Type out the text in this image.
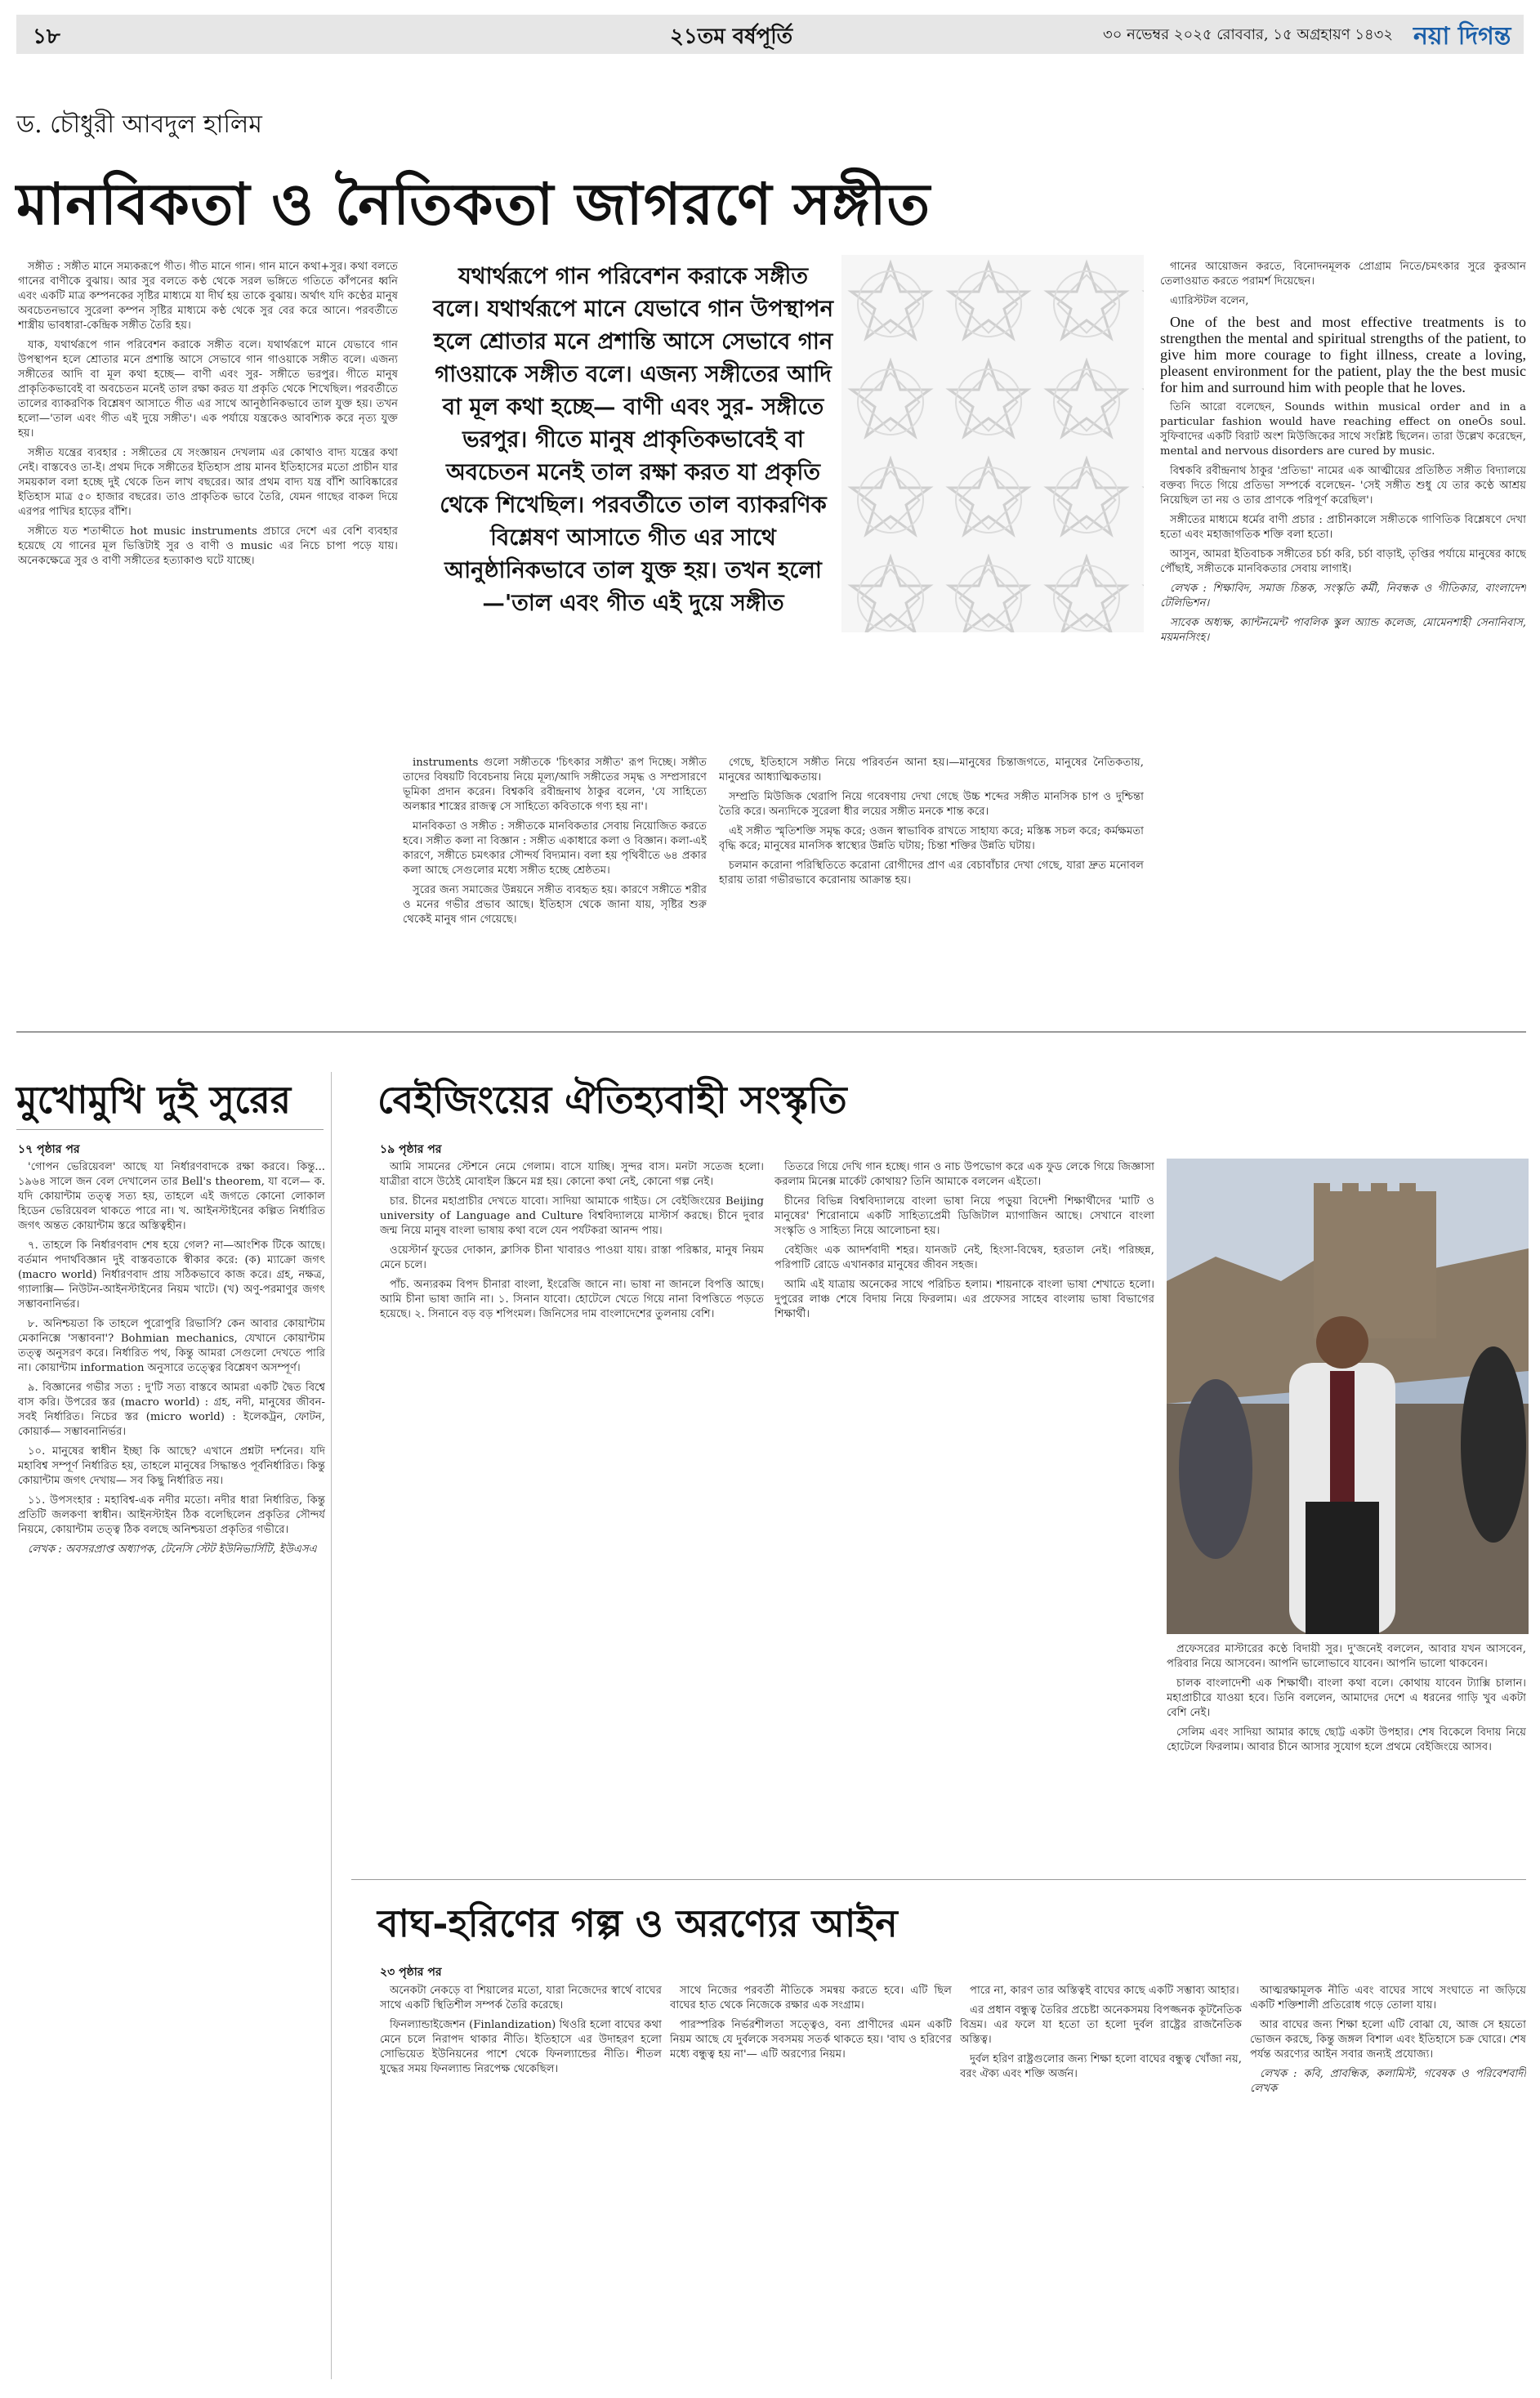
১৮	২১তম বর্ষপূর্তি	৩০ নভেম্বর ২০২৫ রোববার, ১৫ অগ্রহায়ণ ১৪৩২ নয়া দিগন্ত
ড. চৌধুরী আবদুল হালিম
মানবিকতা ও নৈতিকতা জাগরণে সঙ্গীত

সঙ্গীত : সঙ্গীত মানে সম্যকরূপে গীত। গীত মানে গান। গান মানে কথা+সুর। কথা বলতে গানের বাণীকে বুঝায়। আর সুর বলতে কণ্ঠ থেকে সরল ভঙ্গিতে গতিতে কাঁপনের ধ্বনি এবং একটি মাত্র কম্পনকের সৃষ্টির মাধ্যমে যা দীর্ঘ হয় তাকে বুঝায়। অর্থাৎ যদি কণ্ঠের মানুষ অবচেতনভাবে সুরেলা কম্পন সৃষ্টির মাধ্যমে কণ্ঠ থেকে সুর বের করে আনে। পরবর্তীতে শাস্ত্রীয় ভাবধারা-কেন্দ্রিক সঙ্গীত তৈরি হয়।

যাক, যথার্থরূপে গান পরিবেশন করাকে সঙ্গীত বলে। যথার্থরূপে মানে যেভাবে গান উপস্থাপন হলে শ্রোতার মনে প্রশান্তি আসে সেভাবে গান গাওয়াকে সঙ্গীত বলে। এজন্য সঙ্গীতের আদি বা মূল কথা হচ্ছে— বাণী এবং সুর- সঙ্গীতে ভরপুর। গীতে মানুষ প্রাকৃতিকভাবেই বা অবচেতন মনেই তাল রক্ষা করত যা প্রকৃতি থেকে শিখেছিল। পরবর্তীতে তালের ব্যাকরণিক বিশ্লেষণ আসাতে গীত এর সাথে আনুষ্ঠানিকভাবে তাল যুক্ত হয়। তখন হলো—'তাল এবং গীত এই দুয়ে সঙ্গীত'। এক পর্যায়ে যন্ত্রকেও আবশ্যিক করে নৃত্য যুক্ত হয়।

সঙ্গীত যন্ত্রের ব্যবহার : সঙ্গীতের যে সংজ্ঞায়ন দেখলাম এর কোথাও বাদ্য যন্ত্রের কথা নেই। বাস্তবেও তা-ই। প্রথম দিকে সঙ্গীতের ইতিহাস প্রায় মানব ইতিহাসের মতো প্রাচীন যার সময়কাল বলা হচ্ছে দুই থেকে তিন লাখ বছরের। আর প্রথম বাদ্য যন্ত্র বাঁশি আবিষ্কারের ইতিহাস মাত্র ৫০ হাজার বছরের। তাও প্রাকৃতিক ভাবে তৈরি, যেমন গাছের বাকল দিয়ে এরপর পাখির হাড়ের বাঁশি।

সঙ্গীতে যত শতাব্দীতে hot music instruments প্রচারে দেশে এর বেশি ব্যবহার হয়েছে যে গানের মূল ভিত্তিটাই সুর ও বাণী ও music এর নিচে চাপা পড়ে যায়। অনেকক্ষেত্রে সুর ও বাণী সঙ্গীতের হত্যাকাণ্ড ঘটে যাচ্ছে।

যথার্থরূপে গান পরিবেশন করাকে সঙ্গীত বলে। যথার্থরূপে মানে যেভাবে গান উপস্থাপন হলে শ্রোতার মনে প্রশান্তি আসে সেভাবে গান গাওয়াকে সঙ্গীত বলে। এজন্য সঙ্গীতের আদি বা মূল কথা হচ্ছে— বাণী এবং সুর- সঙ্গীতে ভরপুর। গীতে মানুষ প্রাকৃতিকভাবেই বা অবচেতন মনেই তাল রক্ষা করত যা প্রকৃতি থেকে শিখেছিল। পরবর্তীতে তাল ব্যাকরণিক বিশ্লেষণ আসাতে গীত এর সাথে আনুষ্ঠানিকভাবে তাল যুক্ত হয়। তখন হলো—'তাল এবং গীত এই দুয়ে সঙ্গীত

instruments গুলো সঙ্গীতকে 'চিৎকার সঙ্গীত' রূপ দিচ্ছে। সঙ্গীত তাদের বিষয়টি বিবেচনায় নিয়ে মূল্য/আদি সঙ্গীতের সমৃদ্ধ ও সম্প্রসারণে ভূমিকা প্রদান করেন। বিশ্বকবি রবীন্দ্রনাথ ঠাকুর বলেন, 'যে সাহিত্যে অলঙ্কার শাস্ত্রের রাজত্ব সে সাহিত্যে কবিতাকে গণ্য হয় না'।

মানবিকতা ও সঙ্গীত : সঙ্গীতকে মানবিকতার সেবায় নিয়োজিত করতে হবে। সঙ্গীত কলা না বিজ্ঞান : সঙ্গীত একাধারে কলা ও বিজ্ঞান। কলা-এই কারণে, সঙ্গীতে চমৎকার সৌন্দর্য বিদ্যমান। বলা হয় পৃথিবীতে ৬৪ প্রকার কলা আছে সেগুলোর মধ্যে সঙ্গীত হচ্ছে শ্রেষ্ঠতম।

সুরের জন্য সমাজের উন্নয়নে সঙ্গীত ব্যবহৃত হয়। কারণে সঙ্গীতে শরীর ও মনের গভীর প্রভাব আছে। ইতিহাস থেকে জানা যায়, সৃষ্টির শুরু থেকেই মানুষ গান গেয়েছে।

গেছে, ইতিহাসে সঙ্গীত নিয়ে পরিবর্তন আনা হয়।—মানুষের চিন্তাজগতে, মানুষের নৈতিকতায়, মানুষের আধ্যাত্মিকতায়।

সম্প্রতি মিউজিক থেরাপি নিয়ে গবেষণায় দেখা গেছে উচ্চ শব্দের সঙ্গীত মানসিক চাপ ও দুশ্চিন্তা তৈরি করে। অন্যদিকে সুরেলা ধীর লয়ের সঙ্গীত মনকে শান্ত করে।

এই সঙ্গীত স্মৃতিশক্তি সমৃদ্ধ করে; ওজন স্বাভাবিক রাখতে সাহায্য করে; মস্তিষ্ক সচল করে; কর্মক্ষমতা বৃদ্ধি করে; মানুষের মানসিক স্বাস্থ্যের উন্নতি ঘটায়; চিন্তা শক্তির উন্নতি ঘটায়।

চলমান করোনা পরিস্থিতিতে করোনা রোগীদের প্রাণ এর বেচাবাঁচার দেখা গেছে, যারা দ্রুত মনোবল হারায় তারা গভীরভাবে করোনায় আক্রান্ত হয়।

গানের আয়োজন করতে, বিনোদনমূলক প্রোগ্রাম নিতে/চমৎকার সুরে কুরআন তেলাওয়াত করতে পরামর্শ দিয়েছেন।

এ্যারিস্টটল বলেন,

One of the best and most effective treatments is to strengthen the mental and spiritual strengths of the patient, to give him more courage to fight illness, create a loving, pleasent environment for the patient, play the the best music for him and surround him with people that he loves.

তিনি আরো বলেছেন, Sounds within musical order and in a particular fashion would have reaching effect on oneÕs soul. সুফিবাদের একটি বিরাট অংশ মিউজিকের সাথে সংশ্লিষ্ট ছিলেন। তারা উল্লেখ করেছেন, mental and nervous disorders are cured by music.

বিশ্বকবি রবীন্দ্রনাথ ঠাকুর 'প্রতিভা' নামের এক আত্মীয়ের প্রতিষ্ঠিত সঙ্গীত বিদ্যালয়ে বক্তব্য দিতে গিয়ে প্রতিভা সম্পর্কে বলেছেন- 'সেই সঙ্গীত শুধু যে তার কণ্ঠে আশ্রয় নিয়েছিল তা নয় ও তার প্রাণকে পরিপূর্ণ করেছিল'।

সঙ্গীতের মাধ্যমে ধর্মের বাণী প্রচার : প্রাচীনকালে সঙ্গীতকে গাণিতিক বিশ্লেষণে দেখা হতো এবং মহাজাগতিক শক্তি বলা হতো।

আসুন, আমরা ইতিবাচক সঙ্গীতের চর্চা করি, চর্চা বাড়াই, তৃপ্তির পর্যায়ে মানুষের কাছে পৌঁছাই, সঙ্গীতকে মানবিকতার সেবায় লাগাই।

লেখক : শিক্ষাবিদ, সমাজ চিন্তক, সংস্কৃতি কর্মী, নিবন্ধক ও গীতিকার, বাংলাদেশ টেলিভিশন।

সাবেক অধ্যক্ষ, ক্যান্টনমেন্ট পাবলিক স্কুল অ্যান্ড কলেজ, মোমেনশাহী সেনানিবাস, ময়মনসিংহ।

মুখোমুখি দুই সুরের
১৭ পৃষ্ঠার পর

'গোপন ভেরিয়েবল' আছে যা নির্ধারণবাদকে রক্ষা করবে। কিন্তু... ১৯৬৪ সালে জন বেল দেখালেন তার Bell's theorem, যা বলে— ক. যদি কোয়ান্টাম তত্ত্ব সত্য হয়, তাহলে এই জগতে কোনো লোকাল হিডেন ভেরিয়েবল থাকতে পারে না। খ. আইনস্টাইনের কল্পিত নির্ধারিত জগৎ অন্তত কোয়ান্টাম স্তরে অস্তিত্বহীন।

৭. তাহলে কি নির্ধারণবাদ শেষ হয়ে গেল? না—আংশিক টিকে আছে। বর্তমান পদার্থবিজ্ঞান দুই বাস্তবতাকে স্বীকার করে: (ক) ম্যাক্রো জগৎ (macro world) নির্ধারণবাদ প্রায় সঠিকভাবে কাজ করে। গ্রহ, নক্ষত্র, গ্যালাক্সি— নিউটন-আইনস্টাইনের নিয়ম খাটে। (খ) অণু-পরমাণুর জগৎ সম্ভাবনানির্ভর।

৮. অনিশ্চয়তা কি তাহলে পুরোপুরি রিভার্সি? কেন আবার কোয়ান্টাম মেকানিক্সে 'সম্ভাবনা'? Bohmian mechanics, যেখানে কোয়ান্টাম তত্ত্ব অনুসরণ করে। নির্ধারিত পথ, কিন্তু আমরা সেগুলো দেখতে পারি না। কোয়ান্টাম information অনুসারে তত্ত্বের বিশ্লেষণ অসম্পূর্ণ।

৯. বিজ্ঞানের গভীর সত্য : দু'টি সত্য বাস্তবে আমরা একটি দ্বৈত বিশ্বে বাস করি। উপরের স্তর (macro world) : গ্রহ, নদী, মানুষের জীবন-সবই নির্ধারিত। নিচের স্তর (micro world) : ইলেকট্রন, ফোটন, কোয়ার্ক— সম্ভাবনানির্ভর।

১০. মানুষের স্বাধীন ইচ্ছা কি আছে? এখানে প্রশ্নটা দর্শনের। যদি মহাবিশ্ব সম্পূর্ণ নির্ধারিত হয়, তাহলে মানুষের সিদ্ধান্তও পূর্বনির্ধারিত। কিন্তু কোয়ান্টাম জগৎ দেখায়— সব কিছু নির্ধারিত নয়।

১১. উপসংহার : মহাবিশ্ব-এক নদীর মতো। নদীর ধারা নির্ধারিত, কিন্তু প্রতিটি জলকণা স্বাধীন। আইনস্টাইন ঠিক বলেছিলেন প্রকৃতির সৌন্দর্য নিয়মে, কোয়ান্টাম তত্ত্ব ঠিক বলছে অনিশ্চয়তা প্রকৃতির গভীরে।

লেখক : অবসরপ্রাপ্ত অধ্যাপক, টেনেসি স্টেট ইউনিভার্সিটি, ইউএসএ

বেইজিংয়ের ঐতিহ্যবাহী সংস্কৃতি
১৯ পৃষ্ঠার পর

আমি সামনের স্টেশনে নেমে গেলাম। বাসে যাচ্ছি। সুন্দর বাস। মনটা সতেজ হলো। যাত্রীরা বাসে উঠেই মোবাইল স্ক্রিনে মগ্ন হয়। কোনো কথা নেই, কোনো গল্প নেই।

চার. চীনের মহাপ্রাচীর দেখতে যাবো। সাদিয়া আমাকে গাইড। সে বেইজিংয়ের Beijing university of Language and Culture বিশ্ববিদ্যালয়ে মাস্টার্স করছে। চীনে দুবার জন্ম নিয়ে মানুষ বাংলা ভাষায় কথা বলে যেন পর্যটকরা আনন্দ পায়।

ওয়েস্টার্ন ফুডের দোকান, ক্লাসিক চীনা খাবারও পাওয়া যায়। রাস্তা পরিষ্কার, মানুষ নিয়ম মেনে চলে।

পাঁচ. অন্যরকম বিপদ চীনারা বাংলা, ইংরেজি জানে না। ভাষা না জানলে বিপত্তি আছে। আমি চীনা ভাষা জানি না। ১. সিনান যাবো। হোটেলে খেতে গিয়ে নানা বিপত্তিতে পড়তে হয়েছে। ২. সিনানে বড় বড় শপিংমল। জিনিসের দাম বাংলাদেশের তুলনায় বেশি।

তিতরে গিয়ে দেখি গান হচ্ছে। গান ও নাচ উপভোগ করে এক ফুড লেকে গিয়ে জিজ্ঞাসা করলাম মিনেক্স মার্কেট কোথায়? তিনি আমাকে বললেন এইতো।

চীনের বিভিন্ন বিশ্ববিদ্যালয়ে বাংলা ভাষা নিয়ে পড়ুয়া বিদেশী শিক্ষার্থীদের 'মাটি ও মানুষের' শিরোনামে একটি সাহিত্যপ্রেমী ডিজিটাল ম্যাগাজিন আছে। সেখানে বাংলা সংস্কৃতি ও সাহিত্য নিয়ে আলোচনা হয়।

বেইজিং এক আদর্শবাদী শহর। যানজট নেই, হিংসা-বিদ্বেষ, হরতাল নেই। পরিচ্ছন্ন, পরিপাটি রোডে এখানকার মানুষের জীবন সহজ।

আমি এই যাত্রায় অনেকের সাথে পরিচিত হলাম। শায়নাকে বাংলা ভাষা শেখাতে হলো। দুপুরের লাঞ্চ শেষে বিদায় নিয়ে ফিরলাম। এর প্রফেসর সাহেব বাংলায় ভাষা বিভাগের শিক্ষার্থী।

প্রফেসরের মাস্টারের কণ্ঠে বিদায়ী সুর। দু'জনেই বললেন, আবার যখন আসবেন, পরিবার নিয়ে আসবেন। আপনি ভালোভাবে যাবেন। আপনি ভালো থাকবেন।

চালক বাংলাদেশী এক শিক্ষার্থী। বাংলা কথা বলে। কোথায় যাবেন ট্যাক্সি চালান। মহাপ্রাচীরে যাওয়া হবে। তিনি বললেন, আমাদের দেশে এ ধরনের গাড়ি খুব একটা বেশি নেই।

সেলিম এবং সাদিয়া আমার কাছে ছোট্ট একটা উপহার। শেষ বিকেলে বিদায় নিয়ে হোটেলে ফিরলাম। আবার চীনে আসার সুযোগ হলে প্রথমে বেইজিংয়ে আসব।

বাঘ-হরিণের গল্প ও অরণ্যের আইন
২৩ পৃষ্ঠার পর

অনেকটা নেকড়ে বা শিয়ালের মতো, যারা নিজেদের স্বার্থে বাঘের সাথে একটি স্থিতিশীল সম্পর্ক তৈরি করেছে।

ফিনল্যান্ডাইজেশন (Finlandization) থিওরি হলো বাঘের কথা মেনে চলে নিরাপদ থাকার নীতি। ইতিহাসে এর উদাহরণ হলো সোভিয়েত ইউনিয়নের পাশে থেকে ফিনল্যান্ডের নীতি। শীতল যুদ্ধের সময় ফিনল্যান্ড নিরপেক্ষ থেকেছিল।

সাথে নিজের পরবর্তী নীতিকে সমন্বয় করতে হবে। এটি ছিল বাঘের হাত থেকে নিজেকে রক্ষার এক সংগ্রাম।

পারস্পরিক নির্ভরশীলতা সত্ত্বেও, বন্য প্রাণীদের এমন একটি নিয়ম আছে যে দুর্বলকে সবসময় সতর্ক থাকতে হয়। 'বাঘ ও হরিণের মধ্যে বন্ধুত্ব হয় না'— এটি অরণ্যের নিয়ম।

পারে না, কারণ তার অস্তিত্বই বাঘের কাছে একটি সম্ভাব্য আহার।

এর প্রধান বন্ধুত্ব তৈরির প্রচেষ্টা অনেকসময় বিপজ্জনক কূটনৈতিক বিভ্রম। এর ফলে যা হতো তা হলো দুর্বল রাষ্ট্রের রাজনৈতিক অস্তিত্ব।

দুর্বল হরিণ রাষ্ট্রগুলোর জন্য শিক্ষা হলো বাঘের বন্ধুত্ব খোঁজা নয়, বরং ঐক্য এবং শক্তি অর্জন।

আত্মরক্ষামূলক নীতি এবং বাঘের সাথে সংঘাতে না জড়িয়ে একটি শক্তিশালী প্রতিরোধ গড়ে তোলা যায়।

আর বাঘের জন্য শিক্ষা হলো এটি বোঝা যে, আজ সে হয়তো ভোজন করছে, কিন্তু জঙ্গল বিশাল এবং ইতিহাসে চক্র ঘোরে। শেষ পর্যন্ত অরণ্যের আইন সবার জন্যই প্রযোজ্য।

লেখক : কবি, প্রাবন্ধিক, কলামিস্ট, গবেষক ও পরিবেশবাদী লেখক
